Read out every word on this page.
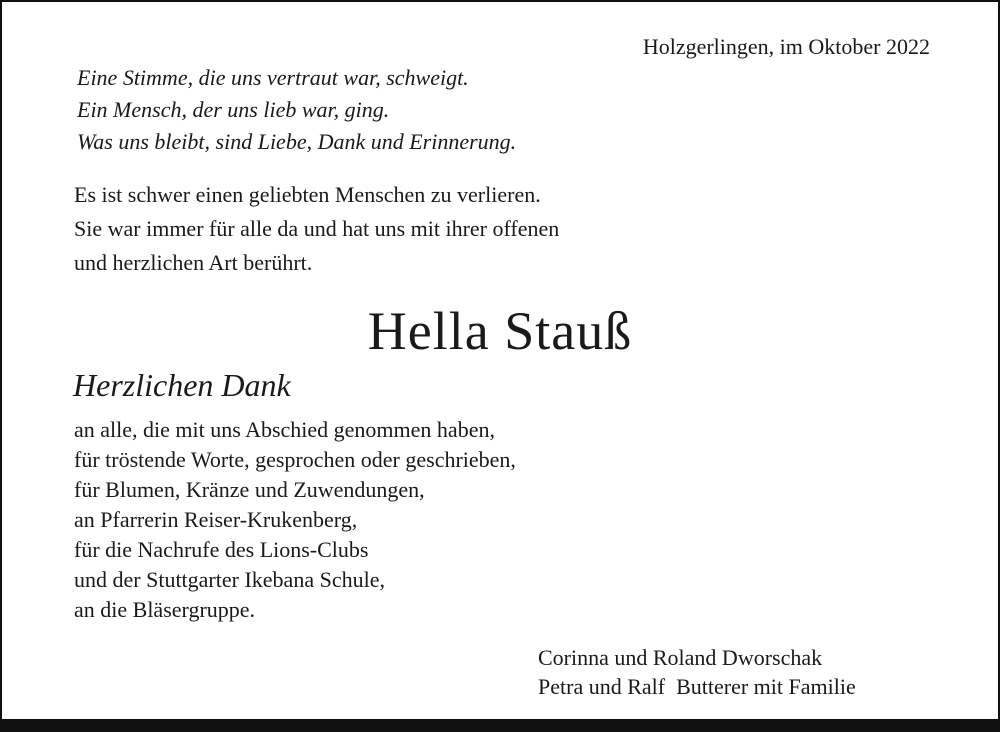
Holzgerlingen, im Oktober 2022
Eine Stimme, die uns vertraut war, schweigt.
Ein Mensch, der uns lieb war, ging.
Was uns bleibt, sind Liebe, Dank und Erinnerung.
Es ist schwer einen geliebten Menschen zu verlieren.
Sie war immer für alle da und hat uns mit ihrer offenen
und herzlichen Art berührt.
Hella Stauß
Herzlichen Dank
an alle, die mit uns Abschied genommen haben,
für tröstende Worte, gesprochen oder geschrieben,
für Blumen, Kränze und Zuwendungen,
an Pfarrerin Reiser-Krukenberg,
für die Nachrufe des Lions-Clubs
und der Stuttgarter Ikebana Schule,
an die Bläsergruppe.
Corinna und Roland Dworschak
Petra und Ralf  Butterer mit Familie
